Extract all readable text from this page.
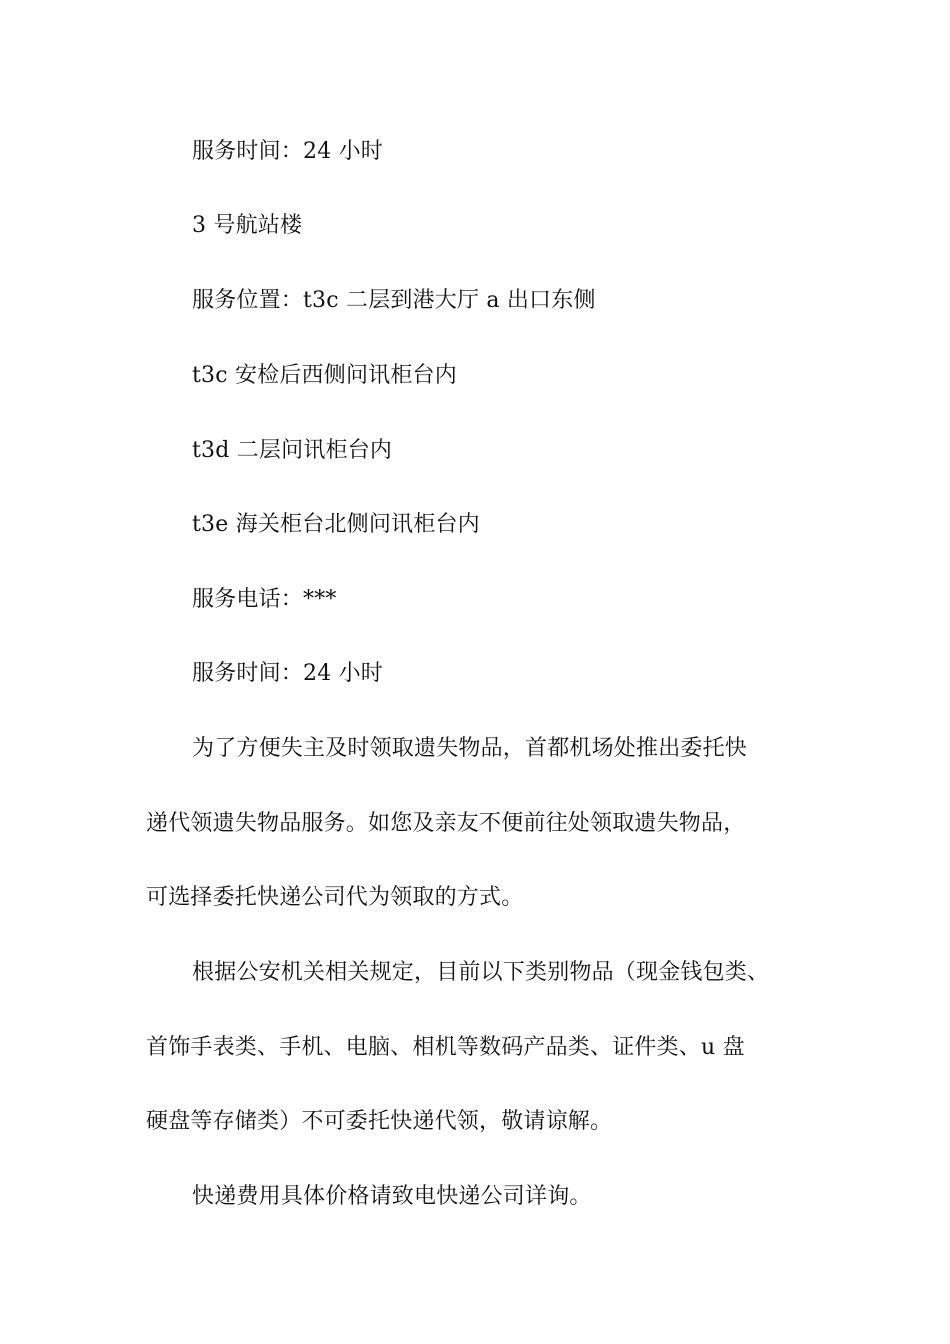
服务时间：24 小时
3 号航站楼
服务位置：t3c 二层到港大厅 a 出口东侧
t3c 安检后西侧问讯柜台内
t3d 二层问讯柜台内
t3e 海关柜台北侧问讯柜台内
服务电话：***
服务时间：24 小时
为了方便失主及时领取遗失物品，首都机场处推出委托快
递代领遗失物品服务。如您及亲友不便前往处领取遗失物品，
可选择委托快递公司代为领取的方式。
根据公安机关相关规定，目前以下类别物品（现金钱包类、
首饰手表类、手机、电脑、相机等数码产品类、证件类、u 盘
硬盘等存储类）不可委托快递代领，敬请谅解。
快递费用具体价格请致电快递公司详询。
